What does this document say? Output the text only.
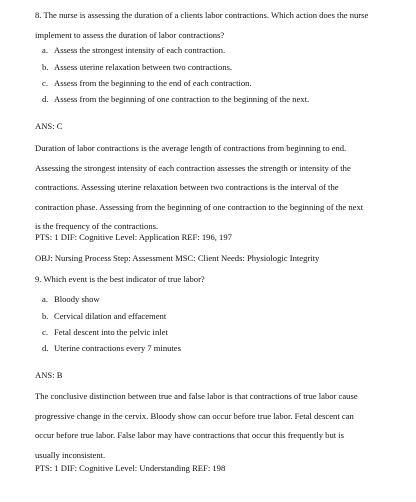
8. The nurse is assessing the duration of a clients labor contractions. Which action does the nurse
implement to assess the duration of labor contractions?
a. Assess the strongest intensity of each contraction.
b. Assess uterine relaxation between two contractions.
c. Assess from the beginning to the end of each contraction.
d. Assess from the beginning of one contraction to the beginning of the next.
ANS: C
Duration of labor contractions is the average length of contractions from beginning to end.
Assessing the strongest intensity of each contraction assesses the strength or intensity of the
contractions. Assessing uterine relaxation between two contractions is the interval of the
contraction phase. Assessing from the beginning of one contraction to the beginning of the next
is the frequency of the contractions.
PTS: 1 DIF: Cognitive Level: Application REF: 196, 197
OBJ: Nursing Process Step: Assessment MSC: Client Needs: Physiologic Integrity
9. Which event is the best indicator of true labor?
a. Bloody show
b. Cervical dilation and effacement
c. Fetal descent into the pelvic inlet
d. Uterine contractions every 7 minutes
ANS: B
The conclusive distinction between true and false labor is that contractions of true labor cause
progressive change in the cervix. Bloody show can occur before true labor. Fetal descent can
occur before true labor. False labor may have contractions that occur this frequently but is
usually inconsistent.
PTS: 1 DIF: Cognitive Level: Understanding REF: 198
